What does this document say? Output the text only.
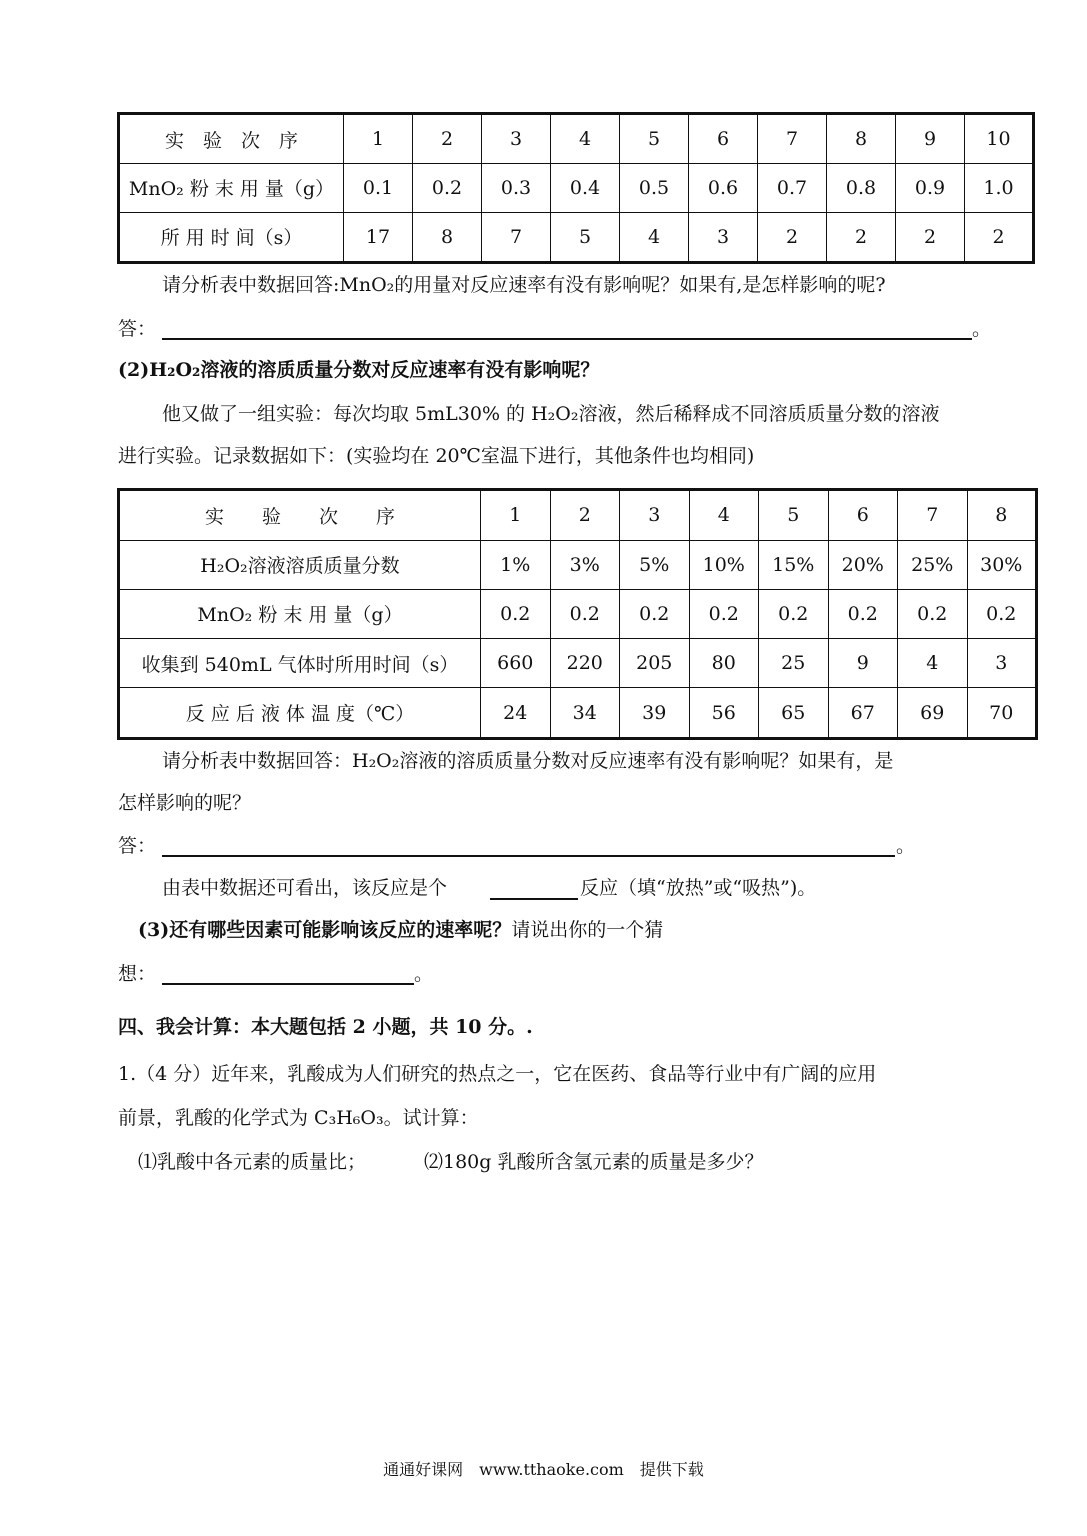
实　验　次　序	1	2	3	4	5	6	7	8	9	10
MnO₂ 粉 末 用 量（g）	0.1	0.2	0.3	0.4	0.5	0.6	0.7	0.8	0.9	1.0
所 用 时 间（s）	17	8	7	5	4	3	2	2	2	2
请分析表中数据回答:MnO₂的用量对反应速率有没有影响呢？如果有,是怎样影响的呢?
答：	。
(2)H₂O₂溶液的溶质质量分数对反应速率有没有影响呢？
他又做了一组实验：每次均取 5mL30% 的 H₂O₂溶液，然后稀释成不同溶质质量分数的溶液
进行实验。记录数据如下：(实验均在 20℃室温下进行，其他条件也均相同)
实　　验　　次　　序	1	2	3	4	5	6	7	8
H₂O₂溶液溶质质量分数	1%	3%	5%	10%	15%	20%	25%	30%
MnO₂ 粉 末 用 量（g）	0.2	0.2	0.2	0.2	0.2	0.2	0.2	0.2
收集到 540mL 气体时所用时间（s）	660	220	205	80	25	9	4	3
反 应 后 液 体 温 度（℃）	24	34	39	56	65	67	69	70
请分析表中数据回答：H₂O₂溶液的溶质质量分数对反应速率有没有影响呢？如果有，是
怎样影响的呢？
答：	。
由表中数据还可看出，该反应是个	反应（填“放热”或“吸热”)。
(3)还有哪些因素可能影响该反应的速率呢？请说出你的一个猜
想：	。
四、我会计算：本大题包括 2 小题，共 10 分。.
1.（4 分）近年来，乳酸成为人们研究的热点之一，它在医药、食品等行业中有广阔的应用
前景，乳酸的化学式为 C₃H₆O₃。试计算：
⑴乳酸中各元素的质量比；	⑵180g 乳酸所含氢元素的质量是多少？
通通好课网　www.tthaoke.com　提供下载
